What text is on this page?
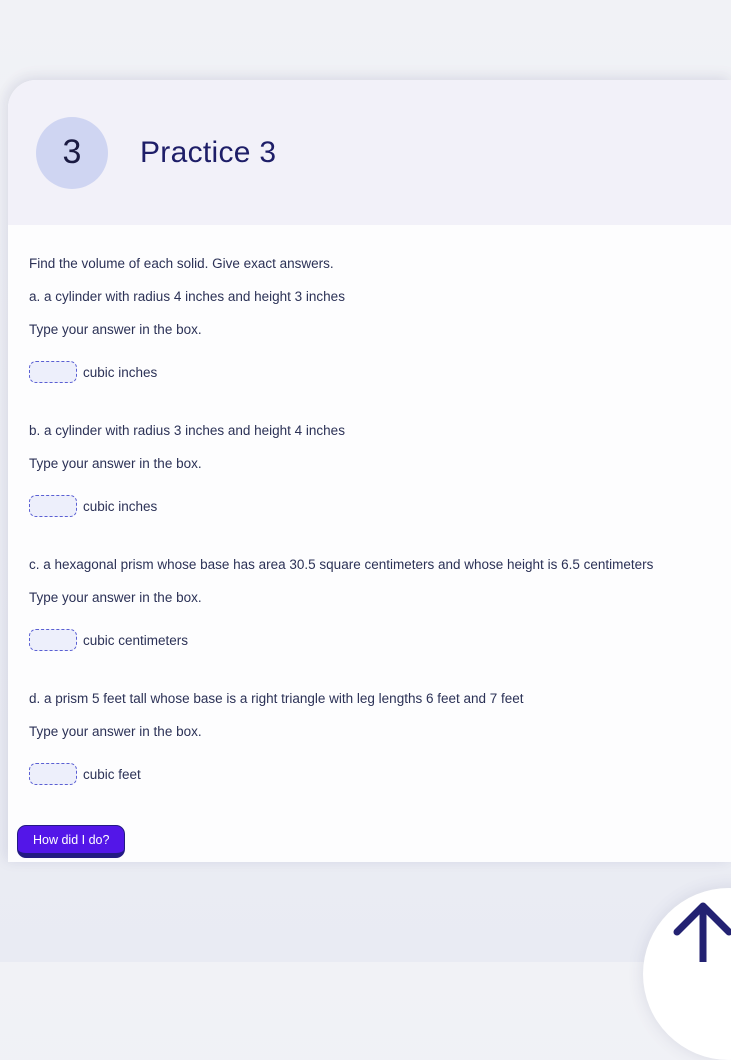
3 Practice 3

Find the volume of each solid. Give exact answers.

a. a cylinder with radius 4 inches and height 3 inches

Type your answer in the box.

cubic inches

b. a cylinder with radius 3 inches and height 4 inches

Type your answer in the box.

cubic inches

c. a hexagonal prism whose base has area 30.5 square centimeters and whose height is 6.5 centimeters

Type your answer in the box.

cubic centimeters

d. a prism 5 feet tall whose base is a right triangle with leg lengths 6 feet and 7 feet

Type your answer in the box.

cubic feet
How did I do?
